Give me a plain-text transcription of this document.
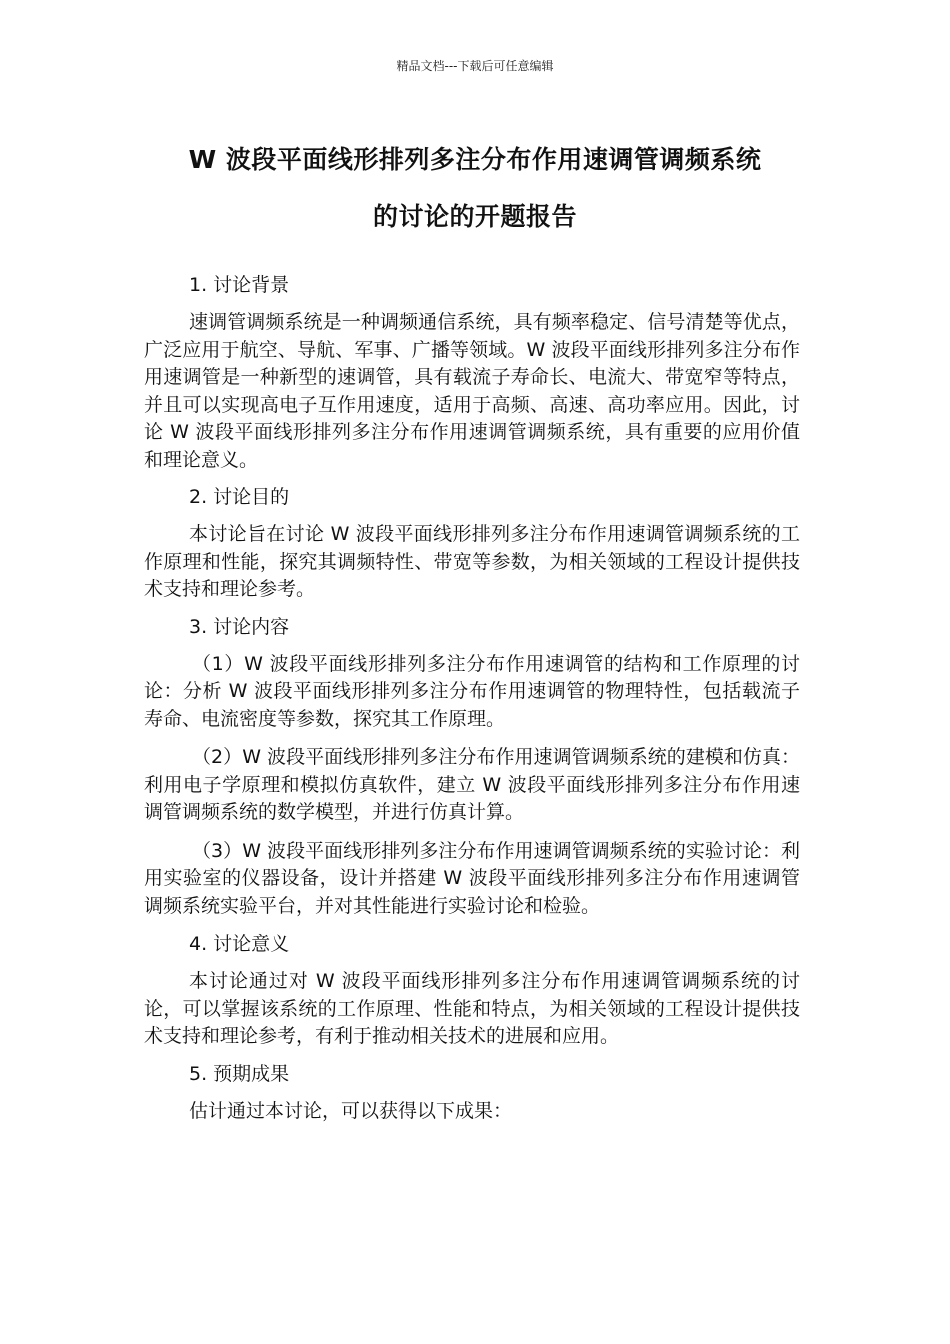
精品文档---下载后可任意编辑
W 波段平面线形排列多注分布作用速调管调频系统
的讨论的开题报告

1. 讨论背景

速调管调频系统是一种调频通信系统，具有频率稳定、信号清楚等优点，广泛应用于航空、导航、军事、广播等领域。W 波段平面线形排列多注分布作用速调管是一种新型的速调管，具有载流子寿命长、电流大、带宽窄等特点，并且可以实现高电子互作用速度，适用于高频、高速、高功率应用。因此，讨论 W 波段平面线形排列多注分布作用速调管调频系统，具有重要的应用价值和理论意义。

2. 讨论目的

本讨论旨在讨论 W 波段平面线形排列多注分布作用速调管调频系统的工作原理和性能，探究其调频特性、带宽等参数，为相关领域的工程设计提供技术支持和理论参考。

3. 讨论内容

（1）W 波段平面线形排列多注分布作用速调管的结构和工作原理的讨论：分析 W 波段平面线形排列多注分布作用速调管的物理特性，包括载流子寿命、电流密度等参数，探究其工作原理。

（2）W 波段平面线形排列多注分布作用速调管调频系统的建模和仿真：利用电子学原理和模拟仿真软件，建立 W 波段平面线形排列多注分布作用速调管调频系统的数学模型，并进行仿真计算。

（3）W 波段平面线形排列多注分布作用速调管调频系统的实验讨论：利用实验室的仪器设备，设计并搭建 W 波段平面线形排列多注分布作用速调管调频系统实验平台，并对其性能进行实验讨论和检验。

4. 讨论意义

本讨论通过对 W 波段平面线形排列多注分布作用速调管调频系统的讨论，可以掌握该系统的工作原理、性能和特点，为相关领域的工程设计提供技术支持和理论参考，有利于推动相关技术的进展和应用。

5. 预期成果

估计通过本讨论，可以获得以下成果：
